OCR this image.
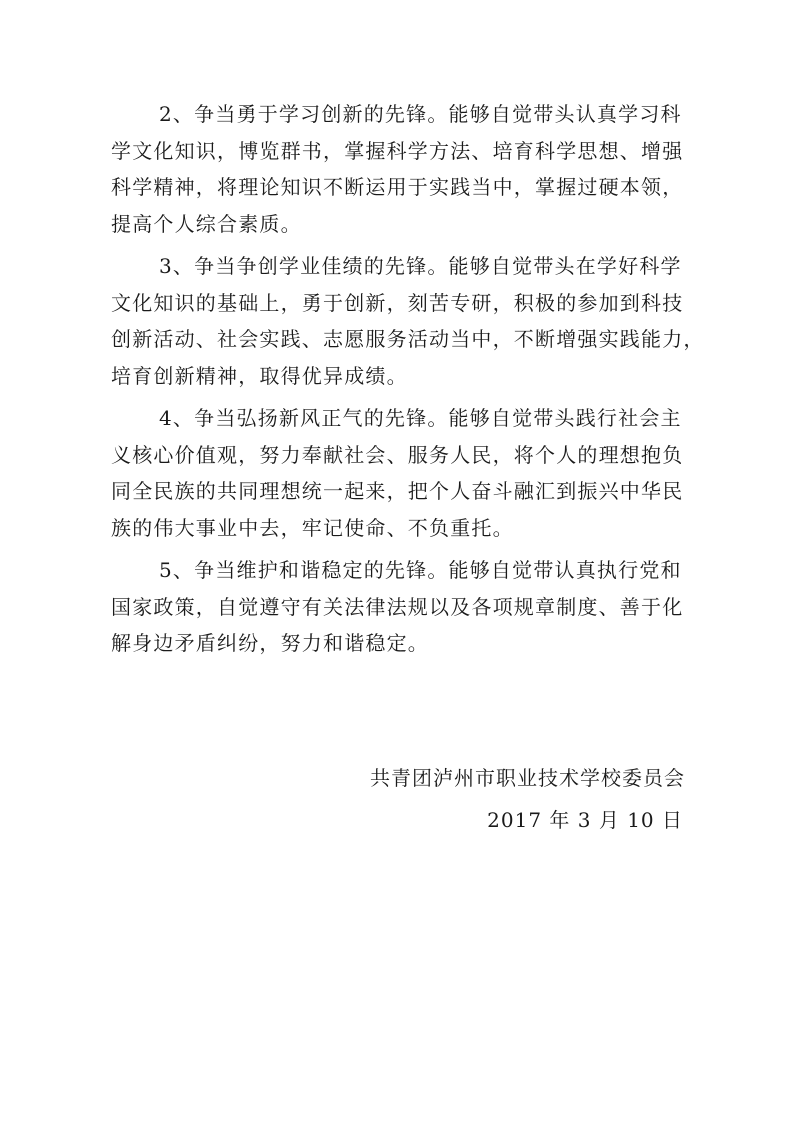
2、争当勇于学习创新的先锋。能够自觉带头认真学习科
学文化知识，博览群书，掌握科学方法、培育科学思想、增强
科学精神，将理论知识不断运用于实践当中，掌握过硬本领，
提高个人综合素质。

3、争当争创学业佳绩的先锋。能够自觉带头在学好科学
文化知识的基础上，勇于创新，刻苦专研，积极的参加到科技
创新活动、社会实践、志愿服务活动当中，不断增强实践能力，
培育创新精神，取得优异成绩。

4、争当弘扬新风正气的先锋。能够自觉带头践行社会主
义核心价值观，努力奉献社会、服务人民，将个人的理想抱负
同全民族的共同理想统一起来，把个人奋斗融汇到振兴中华民
族的伟大事业中去，牢记使命、不负重托。

5、争当维护和谐稳定的先锋。能够自觉带认真执行党和
国家政策，自觉遵守有关法律法规以及各项规章制度、善于化
解身边矛盾纠纷，努力和谐稳定。

共青团泸州市职业技术学校委员会
2017 年 3 月 10 日
